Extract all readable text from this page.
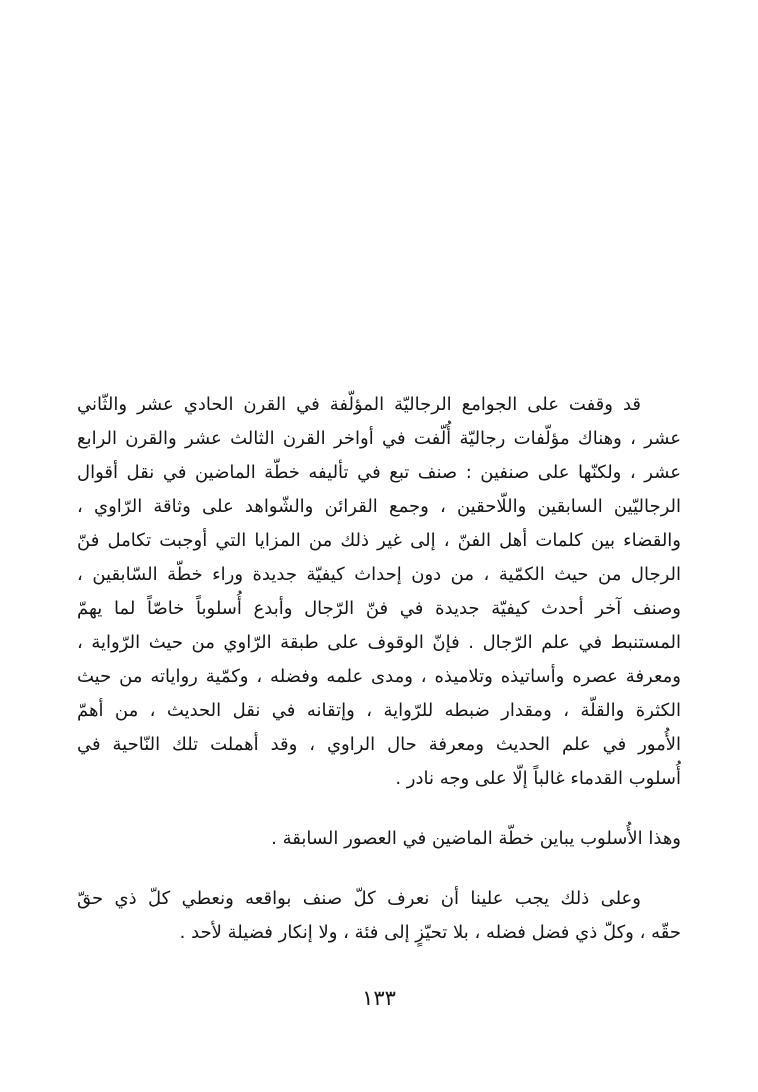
قد وقفت على الجوامع الرجاليّة المؤلّفة في القرن الحادي عشر والثّاني
عشر ، وهناك مؤلّفات رجاليّة أُلّفت في أواخر القرن الثالث عشر والقرن الرابع
عشر ، ولكنّها على صنفين : صنف تبع في تأليفه خطّة الماضين في نقل أقوال
الرجاليّين السابقين واللّاحقين ، وجمع القرائن والشّواهد على وثاقة الرّاوي ،
والقضاء بين كلمات أهل الفنّ ، إلى غير ذلك من المزايا التي أوجبت تكامل فنّ
الرجال من حيث الكمّية ، من دون إحداث كيفيّة جديدة وراء خطّة السّابقين ،
وصنف آخر أحدث كيفيّة جديدة في فنّ الرّجال وأبدع أُسلوباً خاصّاً لما يهمّ
المستنبط في علم الرّجال . فإنّ الوقوف على طبقة الرّاوي من حيث الرّواية ،
ومعرفة عصره وأساتيذه وتلاميذه ، ومدى علمه وفضله ، وكمّية رواياته من حيث
الكثرة والقلّة ، ومقدار ضبطه للرّواية ، وإتقانه في نقل الحديث ، من أهمّ
الأُمور في علم الحديث ومعرفة حال الراوي ، وقد أهملت تلك النّاحية في
أُسلوب القدماء غالباً إلّا على وجه نادر .
وهذا الأُسلوب يباين خطّة الماضين في العصور السابقة .
وعلى ذلك يجب علينا أن نعرف كلّ صنف بواقعه ونعطي كلّ ذي حقّ
حقّه ، وكلّ ذي فضل فضله ، بلا تحيّزٍ إلى فئة ، ولا إنكار فضيلة لأحد .
١٣٣
